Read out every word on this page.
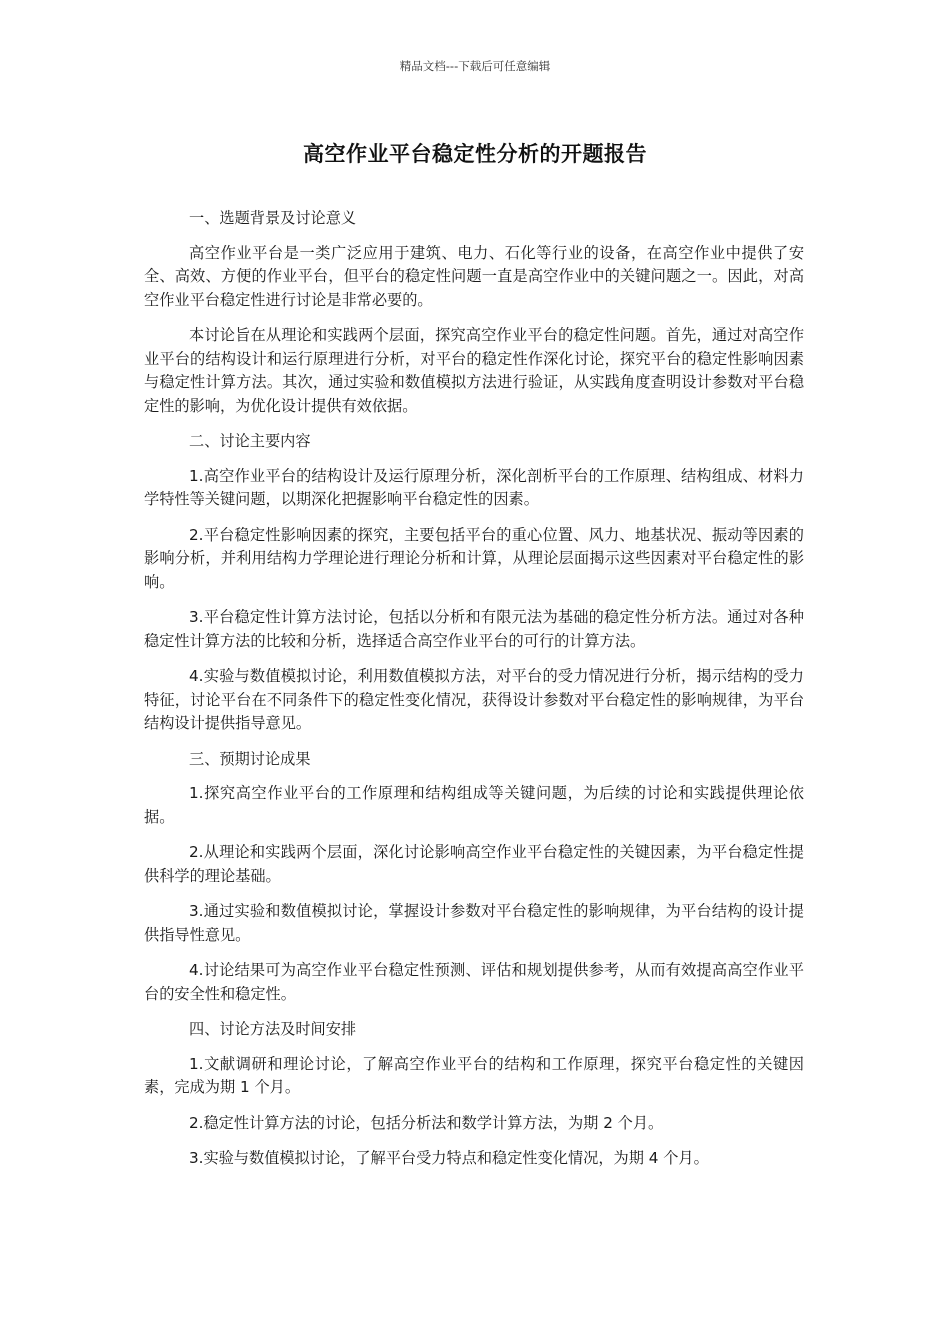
精品文档---下载后可任意编辑
高空作业平台稳定性分析的开题报告

一、选题背景及讨论意义

高空作业平台是一类广泛应用于建筑、电力、石化等行业的设备，在高空作业中提供了安全、高效、方便的作业平台，但平台的稳定性问题一直是高空作业中的关键问题之一。因此，对高空作业平台稳定性进行讨论是非常必要的。

本讨论旨在从理论和实践两个层面，探究高空作业平台的稳定性问题。首先，通过对高空作业平台的结构设计和运行原理进行分析，对平台的稳定性作深化讨论，探究平台的稳定性影响因素与稳定性计算方法。其次，通过实验和数值模拟方法进行验证，从实践角度查明设计参数对平台稳定性的影响，为优化设计提供有效依据。

二、讨论主要内容

1.高空作业平台的结构设计及运行原理分析，深化剖析平台的工作原理、结构组成、材料力学特性等关键问题，以期深化把握影响平台稳定性的因素。

2.平台稳定性影响因素的探究，主要包括平台的重心位置、风力、地基状况、振动等因素的影响分析，并利用结构力学理论进行理论分析和计算，从理论层面揭示这些因素对平台稳定性的影响。

3.平台稳定性计算方法讨论，包括以分析和有限元法为基础的稳定性分析方法。通过对各种稳定性计算方法的比较和分析，选择适合高空作业平台的可行的计算方法。

4.实验与数值模拟讨论，利用数值模拟方法，对平台的受力情况进行分析，揭示结构的受力特征，讨论平台在不同条件下的稳定性变化情况，获得设计参数对平台稳定性的影响规律，为平台结构设计提供指导意见。

三、预期讨论成果

1.探究高空作业平台的工作原理和结构组成等关键问题，为后续的讨论和实践提供理论依据。

2.从理论和实践两个层面，深化讨论影响高空作业平台稳定性的关键因素，为平台稳定性提供科学的理论基础。

3.通过实验和数值模拟讨论，掌握设计参数对平台稳定性的影响规律，为平台结构的设计提供指导性意见。

4.讨论结果可为高空作业平台稳定性预测、评估和规划提供参考，从而有效提高高空作业平台的安全性和稳定性。

四、讨论方法及时间安排

1.文献调研和理论讨论，了解高空作业平台的结构和工作原理，探究平台稳定性的关键因素，完成为期 1 个月。

2.稳定性计算方法的讨论，包括分析法和数学计算方法，为期 2 个月。

3.实验与数值模拟讨论，了解平台受力特点和稳定性变化情况，为期 4 个月。
